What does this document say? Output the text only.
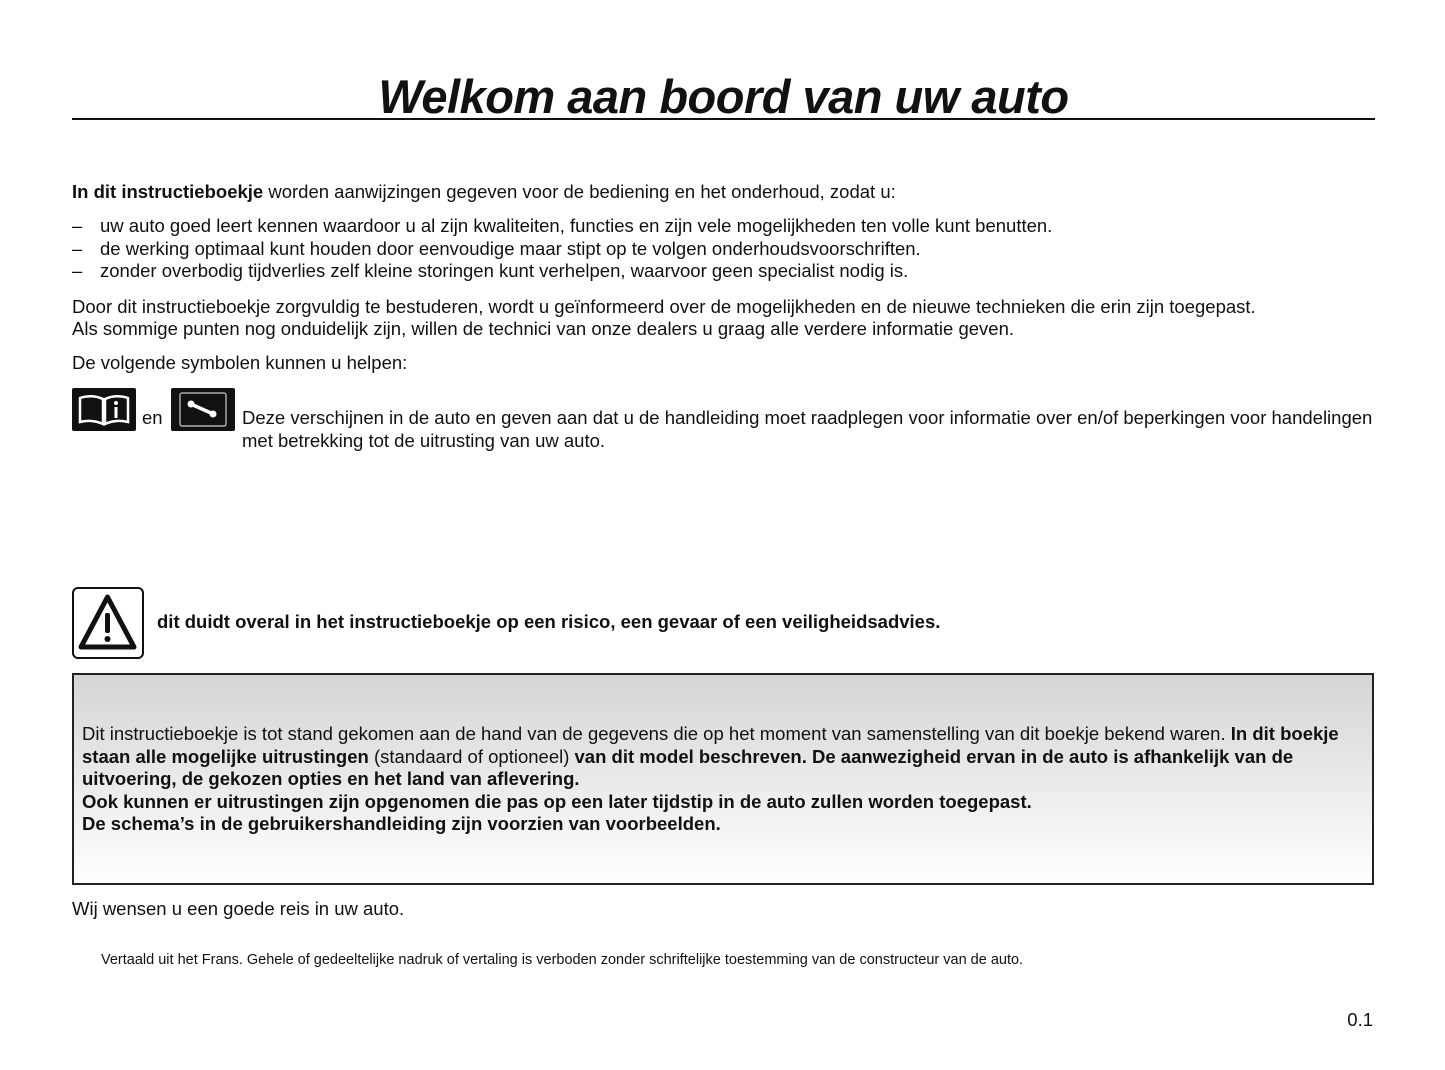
Welkom aan boord van uw auto
In dit instructieboekje worden aanwijzingen gegeven voor de bediening en het onderhoud, zodat u:
– uw auto goed leert kennen waardoor u al zijn kwaliteiten, functies en zijn vele mogelijkheden ten volle kunt benutten.
– de werking optimaal kunt houden door eenvoudige maar stipt op te volgen onderhoudsvoorschriften.
– zonder overbodig tijdverlies zelf kleine storingen kunt verhelpen, waarvoor geen specialist nodig is.
Door dit instructieboekje zorgvuldig te bestuderen, wordt u geïnformeerd over de mogelijkheden en de nieuwe technieken die erin zijn toegepast.
Als sommige punten nog onduidelijk zijn, willen de technici van onze dealers u graag alle verdere informatie geven.
De volgende symbolen kunnen u helpen:
en	Deze verschijnen in de auto en geven aan dat u de handleiding moet raadplegen voor informatie over en/of beperkingen voor handelingen met betrekking tot de uitrusting van uw auto.
dit duidt overal in het instructieboekje op een risico, een gevaar of een veiligheidsadvies.
Dit instructieboekje is tot stand gekomen aan de hand van de gegevens die op het moment van samenstelling van dit boekje bekend waren. In dit boekje staan alle mogelijke uitrustingen (standaard of optioneel) van dit model beschreven. De aanwezigheid ervan in de auto is afhankelijk van de uitvoering, de gekozen opties en het land van aflevering.
Ook kunnen er uitrustingen zijn opgenomen die pas op een later tijdstip in de auto zullen worden toegepast.
De schema’s in de gebruikershandleiding zijn voorzien van voorbeelden.
Wij wensen u een goede reis in uw auto.
Vertaald uit het Frans. Gehele of gedeeltelijke nadruk of vertaling is verboden zonder schriftelijke toestemming van de constructeur van de auto.
0.1
